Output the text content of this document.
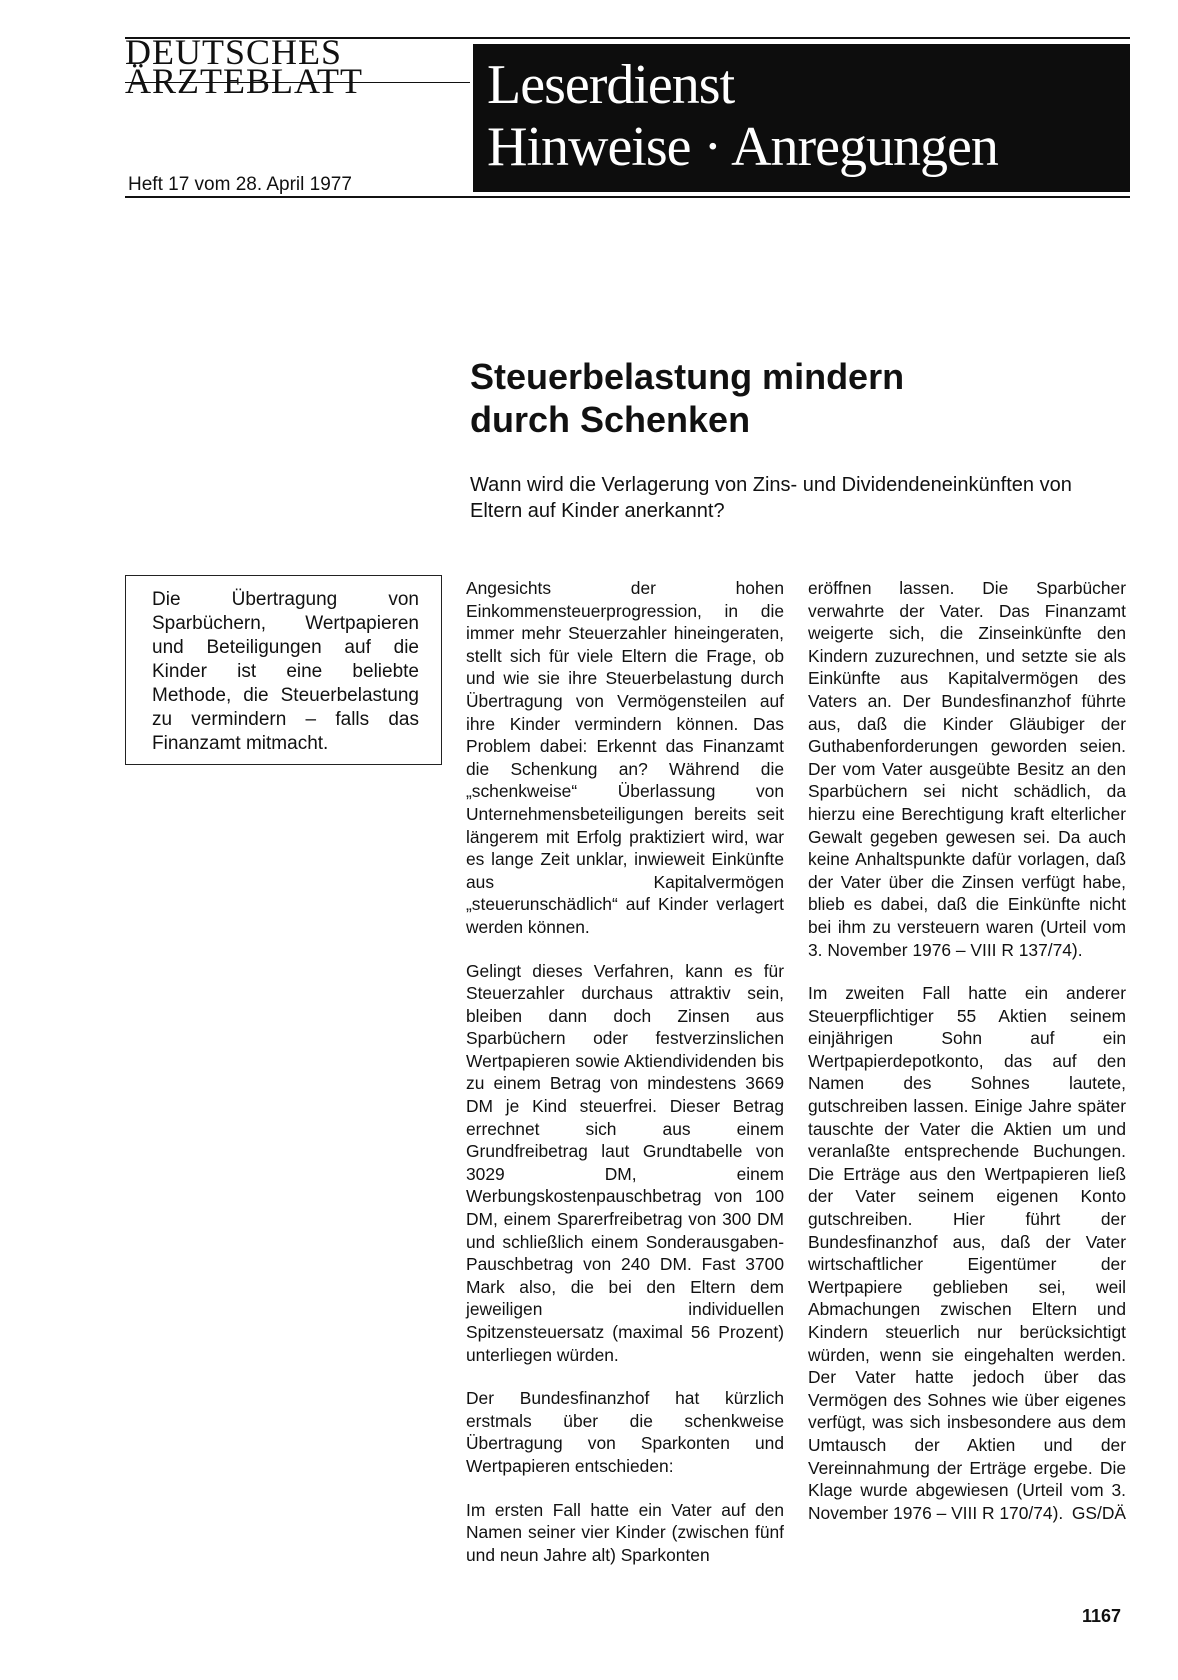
DEUTSCHES
ÄRZTEBLATT
Heft 17 vom 28. April 1977
Leserdienst
Hinweise · Anregungen
Steuerbelastung mindern
durch Schenken
Wann wird die Verlagerung von Zins- und Dividendeneinkünften von Eltern auf Kinder anerkannt?
Die Übertragung von Sparbüchern, Wertpapieren und Beteiligungen auf die Kinder ist eine beliebte Methode, die Steuerbelastung zu vermindern – falls das Finanzamt mitmacht.

Angesichts der hohen Einkommensteuerprogression, in die immer mehr Steuerzahler hineingeraten, stellt sich für viele Eltern die Frage, ob und wie sie ihre Steuerbelastung durch Übertragung von Vermögensteilen auf ihre Kinder vermindern können. Das Problem dabei: Erkennt das Finanzamt die Schenkung an? Während die „schenkweise“ Überlassung von Unternehmensbeteiligungen bereits seit längerem mit Erfolg praktiziert wird, war es lange Zeit unklar, inwieweit Einkünfte aus Kapitalvermögen „steuerunschädlich“ auf Kinder verlagert werden können.

Gelingt dieses Verfahren, kann es für Steuerzahler durchaus attraktiv sein, bleiben dann doch Zinsen aus Sparbüchern oder festverzinslichen Wertpapieren sowie Aktiendividenden bis zu einem Betrag von mindestens 3669 DM je Kind steuerfrei. Dieser Betrag errechnet sich aus einem Grundfreibetrag laut Grundtabelle von 3029 DM, einem Werbungskostenpauschbetrag von 100 DM, einem Sparerfreibetrag von 300 DM und schließlich einem Sonderausgaben-Pauschbetrag von 240 DM. Fast 3700 Mark also, die bei den Eltern dem jeweiligen individuellen Spitzensteuersatz (maximal 56 Prozent) unterliegen würden.

Der Bundesfinanzhof hat kürzlich erstmals über die schenkweise Übertragung von Sparkonten und Wertpapieren entschieden:

Im ersten Fall hatte ein Vater auf den Namen seiner vier Kinder (zwischen fünf und neun Jahre alt) Sparkonten

eröffnen lassen. Die Sparbücher verwahrte der Vater. Das Finanzamt weigerte sich, die Zinseinkünfte den Kindern zuzurechnen, und setzte sie als Einkünfte aus Kapitalvermögen des Vaters an. Der Bundesfinanzhof führte aus, daß die Kinder Gläubiger der Guthabenforderungen geworden seien. Der vom Vater ausgeübte Besitz an den Sparbüchern sei nicht schädlich, da hierzu eine Berechtigung kraft elterlicher Gewalt gegeben gewesen sei. Da auch keine Anhaltspunkte dafür vorlagen, daß der Vater über die Zinsen verfügt habe, blieb es dabei, daß die Einkünfte nicht bei ihm zu versteuern waren (Urteil vom 3. November 1976 – VIII R 137/74).

Im zweiten Fall hatte ein anderer Steuerpflichtiger 55 Aktien seinem einjährigen Sohn auf ein Wertpapierdepotkonto, das auf den Namen des Sohnes lautete, gutschreiben lassen. Einige Jahre später tauschte der Vater die Aktien um und veranlaßte entsprechende Buchungen. Die Erträge aus den Wertpapieren ließ der Vater seinem eigenen Konto gutschreiben. Hier führt der Bundesfinanzhof aus, daß der Vater wirtschaftlicher Eigentümer der Wertpapiere geblieben sei, weil Abmachungen zwischen Eltern und Kindern steuerlich nur berücksichtigt würden, wenn sie eingehalten werden. Der Vater hatte jedoch über das Vermögen des Sohnes wie über eigenes verfügt, was sich insbesondere aus dem Umtausch der Aktien und der Vereinnahmung der Erträge ergebe. Die Klage wurde abgewiesen (Urteil vom 3. November 1976 – VIII R 170/74). GS/DÄ
1167
